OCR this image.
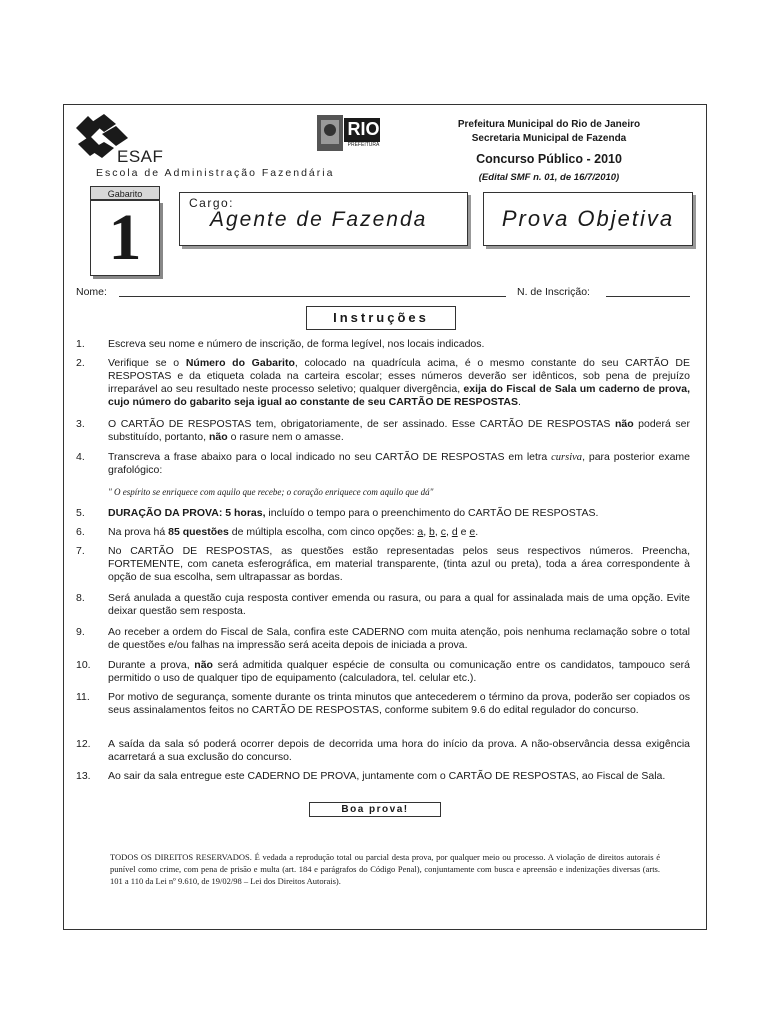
ESAF
Escola de Administração Fazendária
RIO
PREFEITURA
Prefeitura Municipal do Rio de Janeiro
Secretaria Municipal de Fazenda
Concurso Público - 2010
(Edital SMF n. 01, de 16/7/2010)
Gabarito
1	Cargo:
Agente de Fazenda	Prova Objetiva
Nome:	N. de Inscrição:
Instruções
1. Escreva seu nome e número de inscrição, de forma legível, nos locais indicados.
2. Verifique se o Número do Gabarito, colocado na quadrícula acima, é o mesmo constante do seu CARTÃO DE RESPOSTAS e da etiqueta colada na carteira escolar; esses números deverão ser idênticos, sob pena de prejuízo irreparável ao seu resultado neste processo seletivo; qualquer divergência, exija do Fiscal de Sala um caderno de prova, cujo número do gabarito seja igual ao constante de seu CARTÃO DE RESPOSTAS.
3. O CARTÃO DE RESPOSTAS tem, obrigatoriamente, de ser assinado. Esse CARTÃO DE RESPOSTAS não poderá ser substituído, portanto, não o rasure nem o amasse.
4. Transcreva a frase abaixo para o local indicado no seu CARTÃO DE RESPOSTAS em letra cursiva, para posterior exame grafológico:
" O espírito se enriquece com aquilo que recebe; o coração enriquece com aquilo que dá"
5. DURAÇÃO DA PROVA: 5 horas, incluído o tempo para o preenchimento do CARTÃO DE RESPOSTAS.
6. Na prova há 85 questões de múltipla escolha, com cinco opções: a, b, c, d e e.
7. No CARTÃO DE RESPOSTAS, as questões estão representadas pelos seus respectivos números. Preencha, FORTEMENTE, com caneta esferográfica, em material transparente, (tinta azul ou preta), toda a área correspondente à opção de sua escolha, sem ultrapassar as bordas.
8. Será anulada a questão cuja resposta contiver emenda ou rasura, ou para a qual for assinalada mais de uma opção. Evite deixar questão sem resposta.
9. Ao receber a ordem do Fiscal de Sala, confira este CADERNO com muita atenção, pois nenhuma reclamação sobre o total de questões e/ou falhas na impressão será aceita depois de iniciada a prova.
10. Durante a prova, não será admitida qualquer espécie de consulta ou comunicação entre os candidatos, tampouco será permitido o uso de qualquer tipo de equipamento (calculadora, tel. celular etc.).
11. Por motivo de segurança, somente durante os trinta minutos que antecederem o término da prova, poderão ser copiados os seus assinalamentos feitos no CARTÃO DE RESPOSTAS, conforme subitem 9.6 do edital regulador do concurso.
12. A saída da sala só poderá ocorrer depois de decorrida uma hora do início da prova. A não-observância dessa exigência acarretará a sua exclusão do concurso.
13. Ao sair da sala entregue este CADERNO DE PROVA, juntamente com o CARTÃO DE RESPOSTAS, ao Fiscal de Sala.
Boa prova!
TODOS OS DIREITOS RESERVADOS. É vedada a reprodução total ou parcial desta prova, por qualquer meio ou processo. A violação de direitos autorais é punível como crime, com pena de prisão e multa (art. 184 e parágrafos do Código Penal), conjuntamente com busca e apreensão e indenizações diversas (arts. 101 a 110 da Lei nº 9.610, de 19/02/98 – Lei dos Direitos Autorais).
